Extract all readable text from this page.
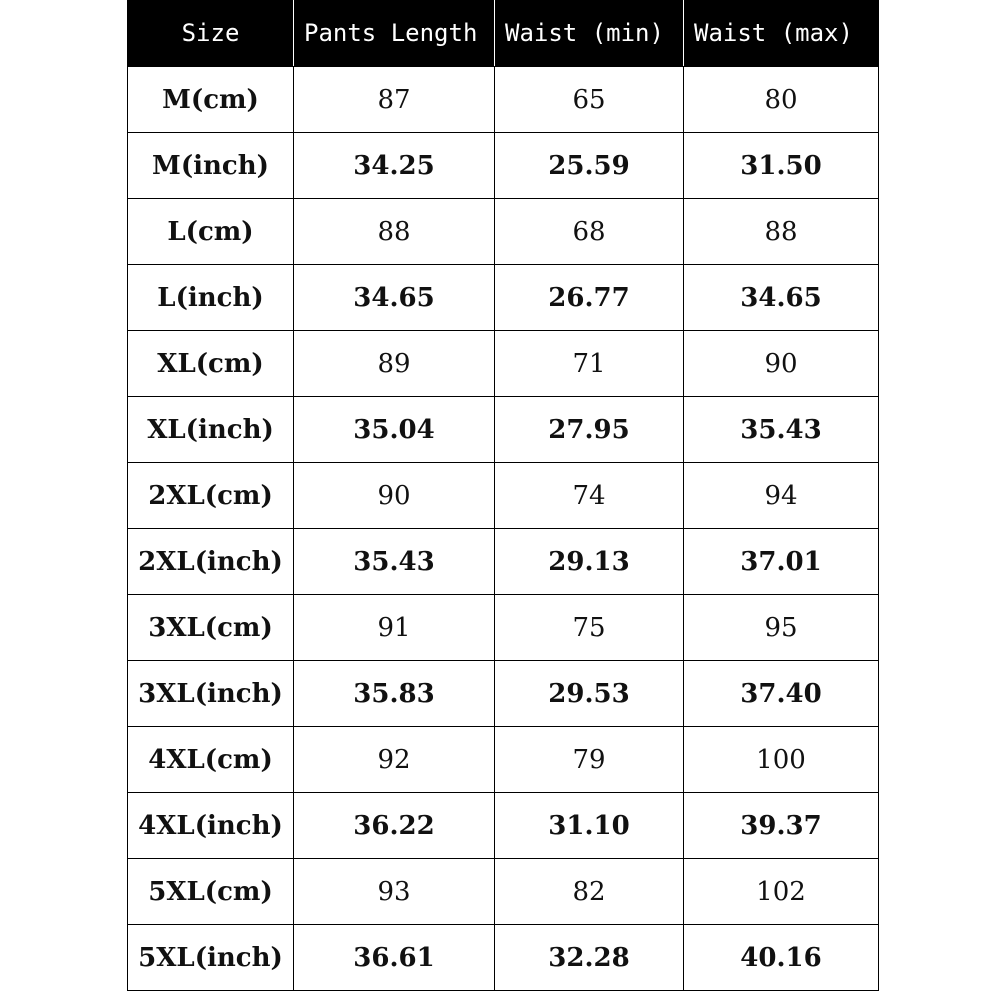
Size	Pants Length	Waist (min)	Waist (max)
M(cm)	87	65	80
M(inch)	34.25	25.59	31.50
L(cm)	88	68	88
L(inch)	34.65	26.77	34.65
XL(cm)	89	71	90
XL(inch)	35.04	27.95	35.43
2XL(cm)	90	74	94
2XL(inch)	35.43	29.13	37.01
3XL(cm)	91	75	95
3XL(inch)	35.83	29.53	37.40
4XL(cm)	92	79	100
4XL(inch)	36.22	31.10	39.37
5XL(cm)	93	82	102
5XL(inch)	36.61	32.28	40.16
